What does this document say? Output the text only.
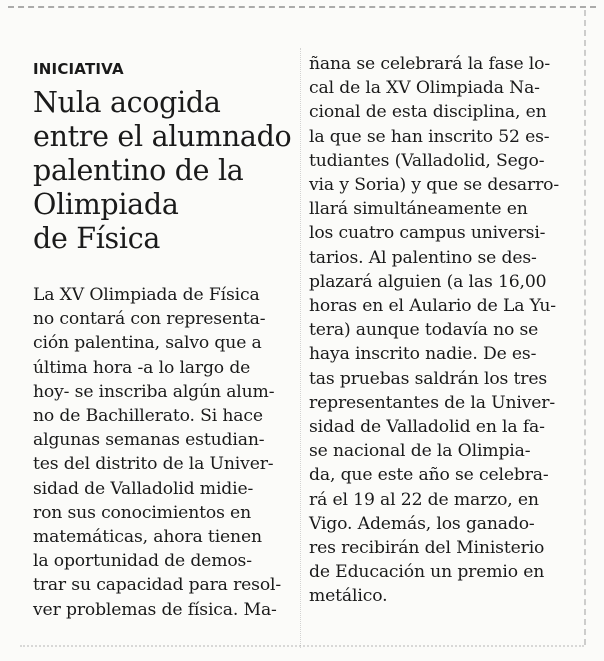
INICIATIVA
Nula acogida
entre el alumnado
palentino de la
Olimpiada
de Física
La XV Olimpiada de Física
no contará con representa-
ción palentina, salvo que a
última hora -a lo largo de
hoy- se inscriba algún alum-
no de Bachillerato. Si hace
algunas semanas estudian-
tes del distrito de la Univer-
sidad de Valladolid midie-
ron sus conocimientos en
matemáticas, ahora tienen
la oportunidad de demos-
trar su capacidad para resol-
ver problemas de física. Ma-
ñana se celebrará la fase lo-
cal de la XV Olimpiada Na-
cional de esta disciplina, en
la que se han inscrito 52 es-
tudiantes (Valladolid, Sego-
via y Soria) y que se desarro-
llará simultáneamente en
los cuatro campus universi-
tarios. Al palentino se des-
plazará alguien (a las 16,00
horas en el Aulario de La Yu-
tera) aunque todavía no se
haya inscrito nadie. De es-
tas pruebas saldrán los tres
representantes de la Univer-
sidad de Valladolid en la fa-
se nacional de la Olimpia-
da, que este año se celebra-
rá el 19 al 22 de marzo, en
Vigo. Además, los ganado-
res recibirán del Ministerio
de Educación un premio en
metálico.
